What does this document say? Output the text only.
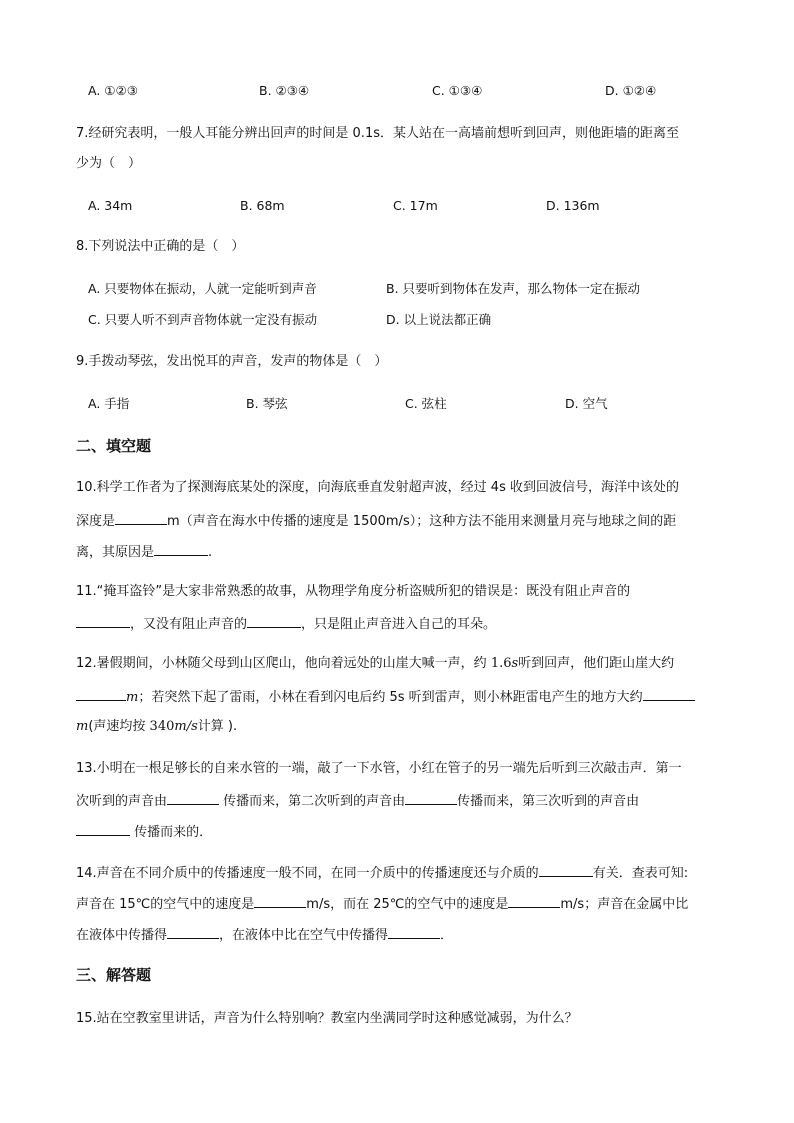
A. ①②③	B. ②③④	C. ①③④	D. ①②④
7.经研究表明，一般人耳能分辨出回声的时间是 0.1s．某人站在一高墙前想听到回声，则他距墙的距离至
少为（　）
A. 34m	B. 68m	C. 17m	D. 136m
8.下列说法中正确的是（　）
A. 只要物体在振动，人就一定能听到声音	B. 只要听到物体在发声，那么物体一定在振动
C. 只要人听不到声音物体就一定没有振动	D. 以上说法都正确
9.手拨动琴弦，发出悦耳的声音，发声的物体是（　）
A. 手指	B. 琴弦	C. 弦柱	D. 空气
二、填空题
10.科学工作者为了探测海底某处的深度，向海底垂直发射超声波，经过 4s 收到回波信号，海洋中该处的
深度是	m（声音在海水中传播的速度是 1500m/s）；这种方法不能用来测量月亮与地球之间的距
离，其原因是	.
11.“掩耳盗铃”是大家非常熟悉的故事，从物理学角度分析盗贼所犯的错误是：既没有阻止声音的
，又没有阻止声音的	，只是阻止声音进入自己的耳朵。
12.暑假期间，小林随父母到山区爬山，他向着远处的山崖大喊一声，约 1.6s听到回声，他们距山崖大约
m；若突然下起了雷雨，小林在看到闪电后约 5s 听到雷声，则小林距雷电产生的地方大约
m(声速均按 340m/s计算 ).
13.小明在一根足够长的自来水管的一端，敲了一下水管，小红在管子的另一端先后听到三次敲击声．第一
次听到的声音由	传播而来，第二次听到的声音由	传播而来，第三次听到的声音由
传播而来的．
14.声音在不同介质中的传播速度一般不同，在同一介质中的传播速度还与介质的	有关．查表可知:
声音在 15℃的空气中的速度是	m/s，而在 25℃的空气中的速度是	m/s；声音在金属中比
在液体中传播得	，在液体中比在空气中传播得	．
三、解答题
15.站在空教室里讲话，声音为什么特别响？教室内坐满同学时这种感觉减弱，为什么？
